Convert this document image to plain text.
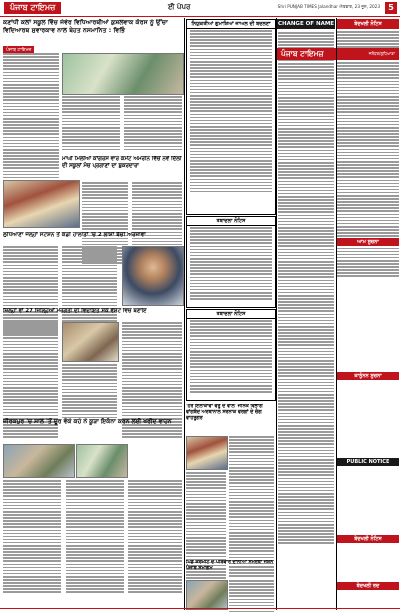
ਪੰਜਾਬ ਟਾਇਮਜ਼	ਈ ਪੇਪਰ	Shri PUNJAB TIMES Jalandhar ਐਤਵਾਰ, 23 ਜੂਨ, 2023	5
ਕਣਾਂਧੀ ਕਲਾਂ ਸਕੂਲ ਵਿੱਚ ਜੇਵੇਰ ਵਿਧਿਆਰਥੀਆਂ ਕੁਸ਼ਲਵਾਕ ਕੋਰਸ ਨੂੰ ਉੱਚਾ ਵਿਦਿਆਰਥ ਸੁਵਾਰਕਾਵ ਨਾਲ ਬੇਹਤ ਨਸਮਾਨਿਤ : ਵਿਭਿੰ
ਪੰਜਾਬ ਟਾਇਮਜ਼
ਮਾਘੀ ਮਿਲੀਆਂ ਕਾਂਗਰਸ ਵਾਰ ਕੋਮੈਂਟ ਅਮਰੀਨ ਵਿੱਚੋਂ ਨਵੇਂ ਦਿੱਲੀ ਦੀ ਸਕੂਲਾਂ ਮੰਚ ਪ੍ਰਗਾਣਾਂ ਦਾ ਬੁਕਰਦਾਰਾ
ਲੁਧਿਆਣਾ ਜੇਲ੍ਹਾਂ ਸਟੇਸ਼ਨ ਤੋਂ ਕੰਡੀ ਹਾਲਾਤਾਂ 'ਚ 2 ਲਾਸ਼ਾਂ ਬੱਚੀ ਅਰਜਾਵਾ
ਜ਼ਿਲ੍ਹਾਂ ਵਾਂ 27 ਜਿਲ੍ਹਿਆਂ ਮਰਗਤੀ ਦੀ ਵਿਦਾਇਤ ਸਕੇ ਵੇਸਟੇ ਵਿਚ ਬਣਾਇ
ਜ਼ੀਰਕਪੁਰ 'ਚ ਸਾਲ 'ਤੋਂ ਦੂਰ ਵੱਕੇ ਕਹੇ ਨੇ ਕੂੜਾ ਇਕੱਨਾ ਕਰਨ ਲਈ ਖਰੀਦ ਵਾਹਨ
ਨਿਯੁਕਤੀਆਂ ਗੁਮਾਸ਼ਿਆਂ ਜਾਅਲ ਦੀ ਬਦਲਣਾ
ਤਬਾਦਲਾ ਨੋਟਿਸ
ਤਬਾਦਲਾ ਨੋਟਿਸ
'ਹਰ ਇਲਾਕਾਵਾਂ ਵੇਰੂ ਦੇ ਵਾਲ' ਜਨਿਕ ਵਿਭਾਗ ਵਾਂਗਬੰਦ ਅਰਥਾਨਾਲ ਸਰਨਾਕ ਵਰਗਾਂ ਦੇ ਚੰਗ ਵਾਹਰੂਗਰ
ਪਿੰਡ ਕਰਮੀਟ ਦੇ ਪਰਿਵਾਰ ਦਾਨੀਆ ਸਮਰੱਥਾ ਜੋਸ਼ਨ ਪੰਜਾਬ ਸਮਾਗਮ
CHANGE OF NAME	ਬੇਦਖਲੀ ਨੋਟਿਸ
ਪੰਜਾਬ ਟਾਇਮਜ਼	ਜਲੰਧਰ/ਲੁਧਿਆਣਾ
ਆਮ ਸੂਚਨਾ
ਕਾਨੂੰਨਨ ਸੂਚਨਾ
PUBLIC NOTICE
ਬੇਦਖਲੀ ਨੋਟਿਸ
ਬੇਦਖਲੀ ਰਦ
